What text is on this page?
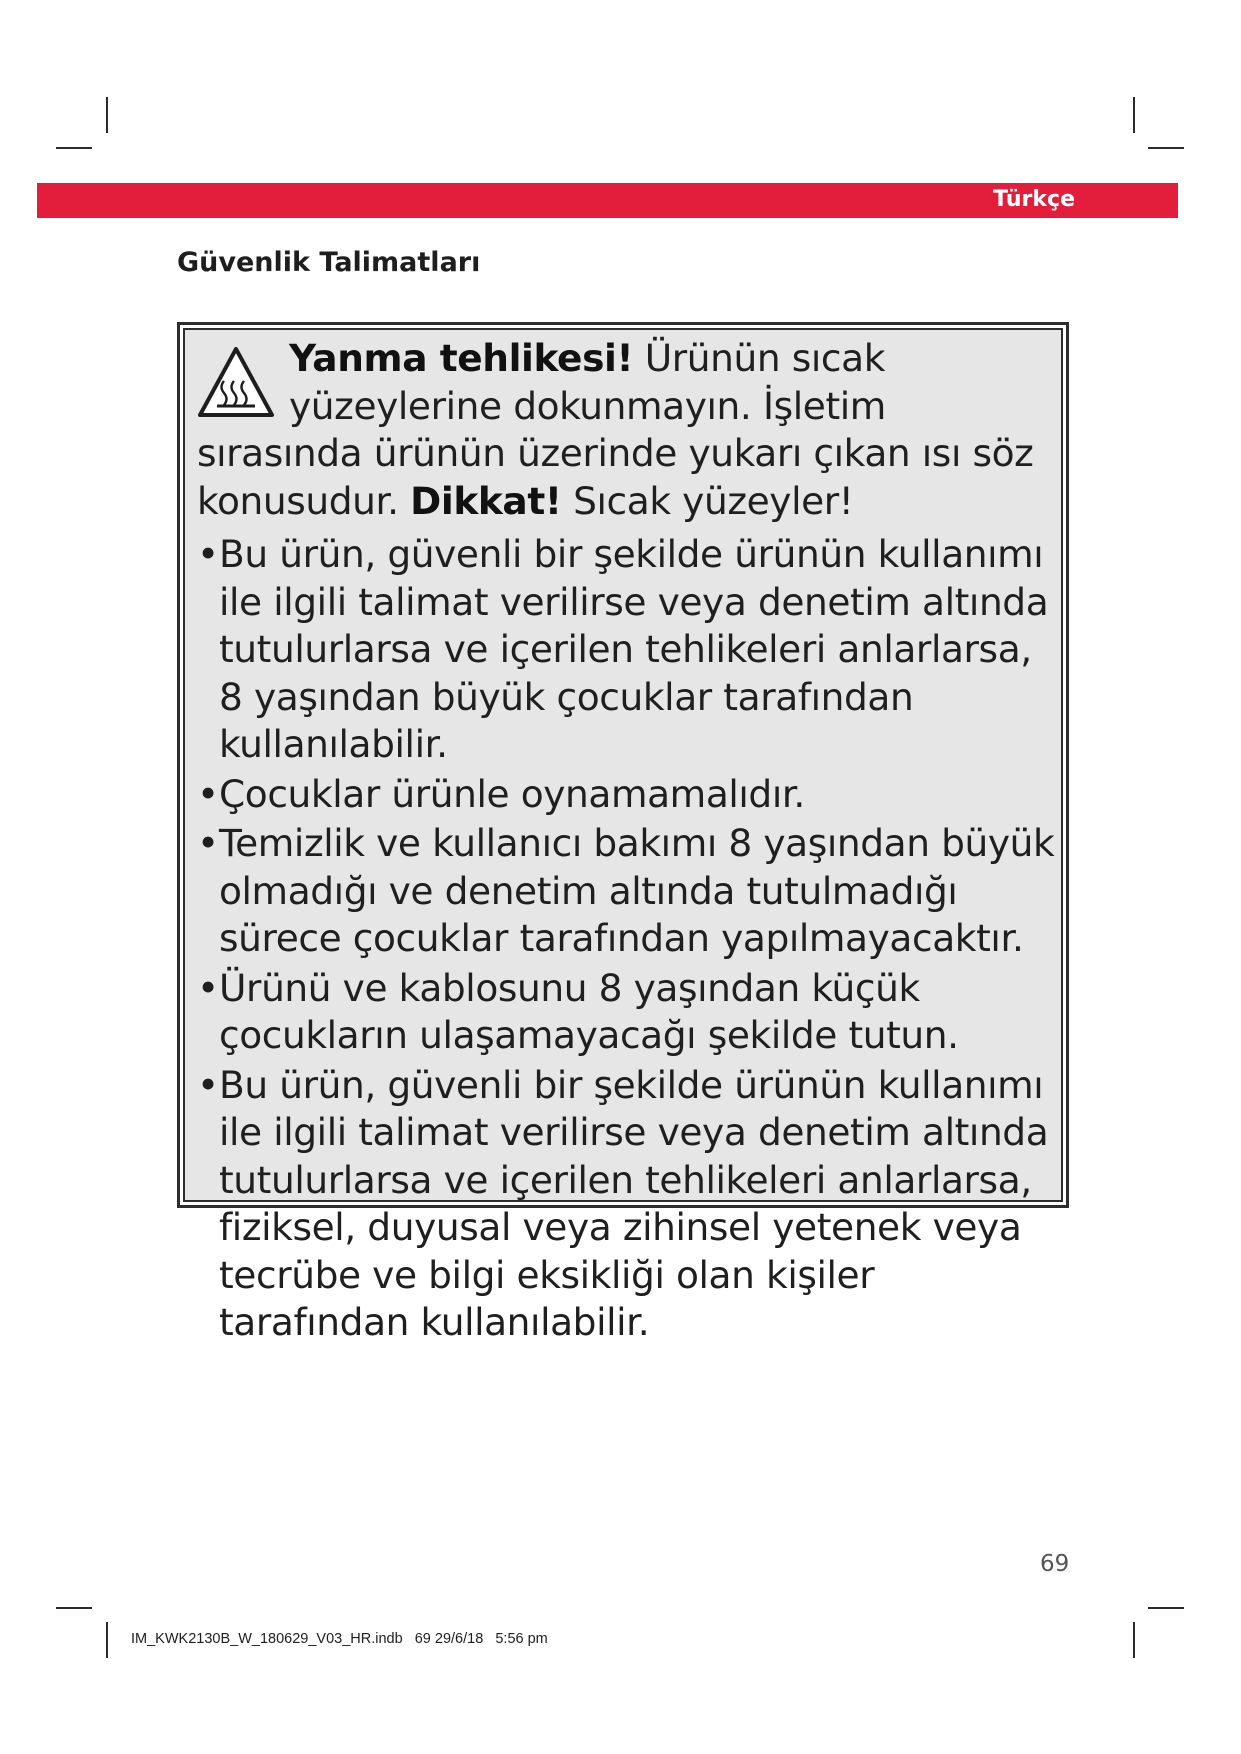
Türkçe
Güvenlik Talimatları
Yanma tehlikesi! Ürünün sıcak yüzeylerine dokunmayın. İşletim sırasında ürünün üzerinde yukarı çıkan ısı söz konusudur. Dikkat! Sıcak yüzeyler!
• Bu ürün, güvenli bir şekilde ürünün kullanımı ile ilgili talimat verilirse veya denetim altında tutulurlarsa ve içerilen tehlikeleri anlarlarsa, 8 yaşından büyük çocuklar tarafından kullanılabilir.
• Çocuklar ürünle oynamamalıdır.
• Temizlik ve kullanıcı bakımı 8 yaşından büyük olmadığı ve denetim altında tutulmadığı sürece çocuklar tarafından yapılmayacaktır.
• Ürünü ve kablosunu 8 yaşından küçük çocukların ulaşamayacağı şekilde tutun.
• Bu ürün, güvenli bir şekilde ürünün kullanımı ile ilgili talimat verilirse veya denetim altında tutulurlarsa ve içerilen tehlikeleri anlarlarsa, fiziksel, duyusal veya zihinsel yetenek veya tecrübe ve bilgi eksikliği olan kişiler tarafından kullanılabilir.
69
IM_KWK2130B_W_180629_V03_HR.indb   69 29/6/18   5:56 pm
